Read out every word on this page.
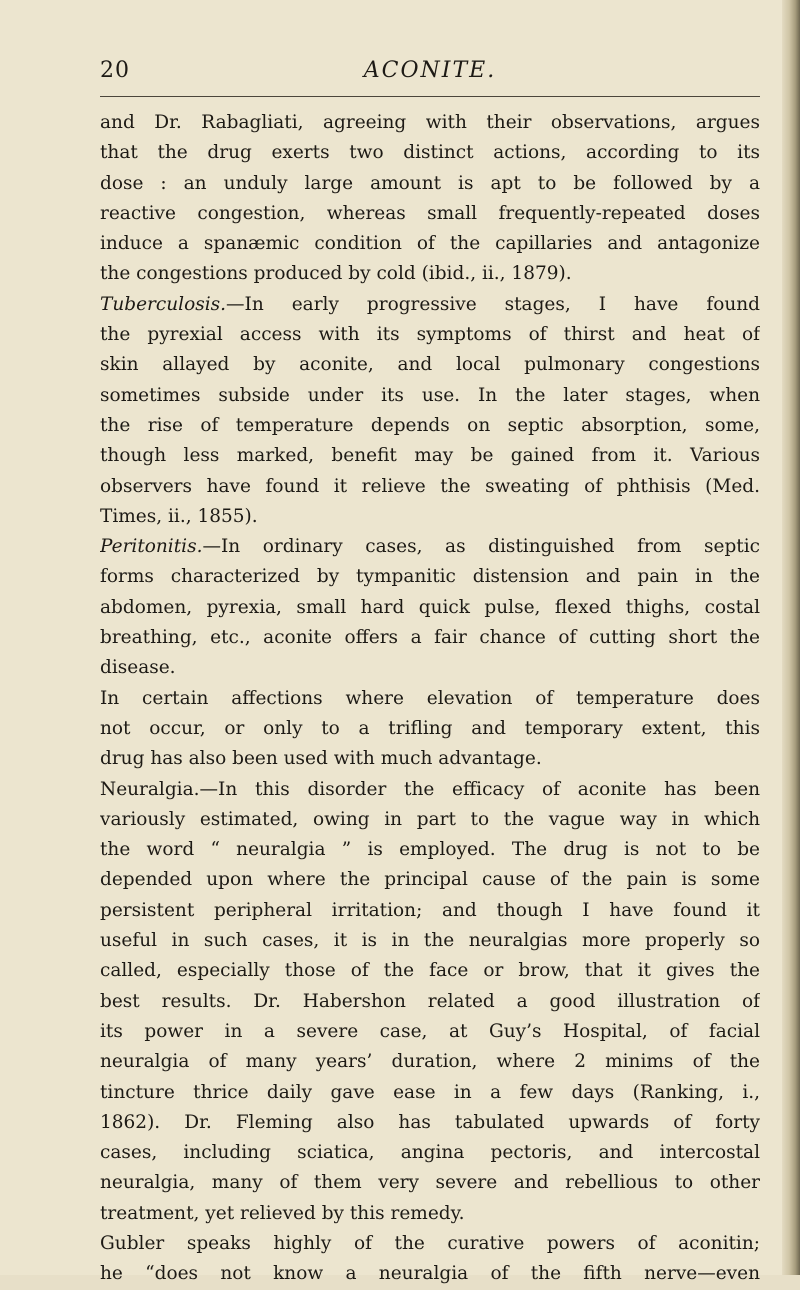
20	ACONITE.
and Dr. Rabagliati, agreeing with their observations, argues
that the drug exerts two distinct actions, according to its
dose : an unduly large amount is apt to be followed by a
reactive congestion, whereas small frequently-repeated doses
induce a spanæmic condition of the capillaries and antagonize
the congestions produced by cold (ibid., ii., 1879).
Tuberculosis.—In early progressive stages, I have found
the pyrexial access with its symptoms of thirst and heat of
skin allayed by aconite, and local pulmonary congestions
sometimes subside under its use. In the later stages, when
the rise of temperature depends on septic absorption, some,
though less marked, benefit may be gained from it. Various
observers have found it relieve the sweating of phthisis (Med.
Times, ii., 1855).
Peritonitis.—In ordinary cases, as distinguished from septic
forms characterized by tympanitic distension and pain in the
abdomen, pyrexia, small hard quick pulse, flexed thighs, costal
breathing, etc., aconite offers a fair chance of cutting short the
disease.
In certain affections where elevation of temperature does
not occur, or only to a trifling and temporary extent, this
drug has also been used with much advantage.
Neuralgia.—In this disorder the efficacy of aconite has been
variously estimated, owing in part to the vague way in which
the word “ neuralgia ” is employed. The drug is not to be
depended upon where the principal cause of the pain is some
persistent peripheral irritation; and though I have found it
useful in such cases, it is in the neuralgias more properly so
called, especially those of the face or brow, that it gives the
best results. Dr. Habershon related a good illustration of
its power in a severe case, at Guy’s Hospital, of facial
neuralgia of many years’ duration, where 2 minims of the
tincture thrice daily gave ease in a few days (Ranking, i.,
1862). Dr. Fleming also has tabulated upwards of forty
cases, including sciatica, angina pectoris, and intercostal
neuralgia, many of them very severe and rebellious to other
treatment, yet relieved by this remedy.
Gubler speaks highly of the curative powers of aconitin;
he “does not know a neuralgia of the fifth nerve—even
